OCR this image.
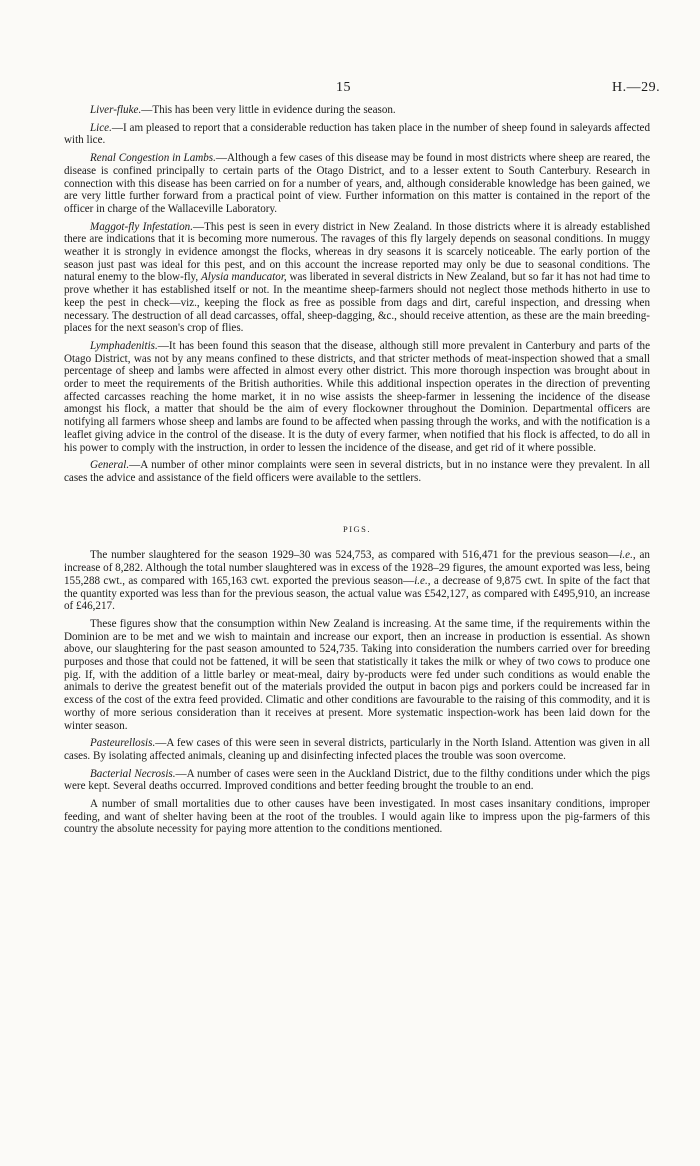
15	H.—29.

Liver-fluke.—This has been very little in evidence during the season.

Lice.—I am pleased to report that a considerable reduction has taken place in the number of sheep found in saleyards affected with lice.

Renal Congestion in Lambs.—Although a few cases of this disease may be found in most districts where sheep are reared, the disease is confined principally to certain parts of the Otago District, and to a lesser extent to South Canterbury. Research in connection with this disease has been carried on for a number of years, and, although considerable knowledge has been gained, we are very little further forward from a practical point of view. Further information on this matter is contained in the report of the officer in charge of the Wallaceville Laboratory.

Maggot-fly Infestation.—This pest is seen in every district in New Zealand. In those districts where it is already established there are indications that it is becoming more numerous. The ravages of this fly largely depends on seasonal conditions. In muggy weather it is strongly in evidence amongst the flocks, whereas in dry seasons it is scarcely noticeable. The early portion of the season just past was ideal for this pest, and on this account the increase reported may only be due to seasonal conditions. The natural enemy to the blow-fly, Alysia manducator, was liberated in several districts in New Zealand, but so far it has not had time to prove whether it has established itself or not. In the meantime sheep-farmers should not neglect those methods hitherto in use to keep the pest in check—viz., keeping the flock as free as possible from dags and dirt, careful inspection, and dressing when necessary. The destruction of all dead carcasses, offal, sheep-dagging, &c., should receive attention, as these are the main breeding-places for the next season's crop of flies.

Lymphadenitis.—It has been found this season that the disease, although still more prevalent in Canterbury and parts of the Otago District, was not by any means confined to these districts, and that stricter methods of meat-inspection showed that a small percentage of sheep and lambs were affected in almost every other district. This more thorough inspection was brought about in order to meet the requirements of the British authorities. While this additional inspection operates in the direction of preventing affected carcasses reaching the home market, it in no wise assists the sheep-farmer in lessening the incidence of the disease amongst his flock, a matter that should be the aim of every flockowner throughout the Dominion. Departmental officers are notifying all farmers whose sheep and lambs are found to be affected when passing through the works, and with the notification is a leaflet giving advice in the control of the disease. It is the duty of every farmer, when notified that his flock is affected, to do all in his power to comply with the instruction, in order to lessen the incidence of the disease, and get rid of it where possible.

General.—A number of other minor complaints were seen in several districts, but in no instance were they prevalent. In all cases the advice and assistance of the field officers were available to the settlers.

PIGS.

The number slaughtered for the season 1929–30 was 524,753, as compared with 516,471 for the previous season—i.e., an increase of 8,282. Although the total number slaughtered was in excess of the 1928–29 figures, the amount exported was less, being 155,288 cwt., as compared with 165,163 cwt. exported the previous season—i.e., a decrease of 9,875 cwt. In spite of the fact that the quantity exported was less than for the previous season, the actual value was £542,127, as compared with £495,910, an increase of £46,217.

These figures show that the consumption within New Zealand is increasing. At the same time, if the requirements within the Dominion are to be met and we wish to maintain and increase our export, then an increase in production is essential. As shown above, our slaughtering for the past season amounted to 524,735. Taking into consideration the numbers carried over for breeding purposes and those that could not be fattened, it will be seen that statistically it takes the milk or whey of two cows to produce one pig. If, with the addition of a little barley or meat-meal, dairy by-products were fed under such conditions as would enable the animals to derive the greatest benefit out of the materials provided the output in bacon pigs and porkers could be increased far in excess of the cost of the extra feed provided. Climatic and other conditions are favourable to the raising of this commodity, and it is worthy of more serious consideration than it receives at present. More systematic inspection-work has been laid down for the winter season.

Pasteurellosis.—A few cases of this were seen in several districts, particularly in the North Island. Attention was given in all cases. By isolating affected animals, cleaning up and disinfecting infected places the trouble was soon overcome.

Bacterial Necrosis.—A number of cases were seen in the Auckland District, due to the filthy conditions under which the pigs were kept. Several deaths occurred. Improved conditions and better feeding brought the trouble to an end.

A number of small mortalities due to other causes have been investigated. In most cases insanitary conditions, improper feeding, and want of shelter having been at the root of the troubles. I would again like to impress upon the pig-farmers of this country the absolute necessity for paying more attention to the conditions mentioned.
